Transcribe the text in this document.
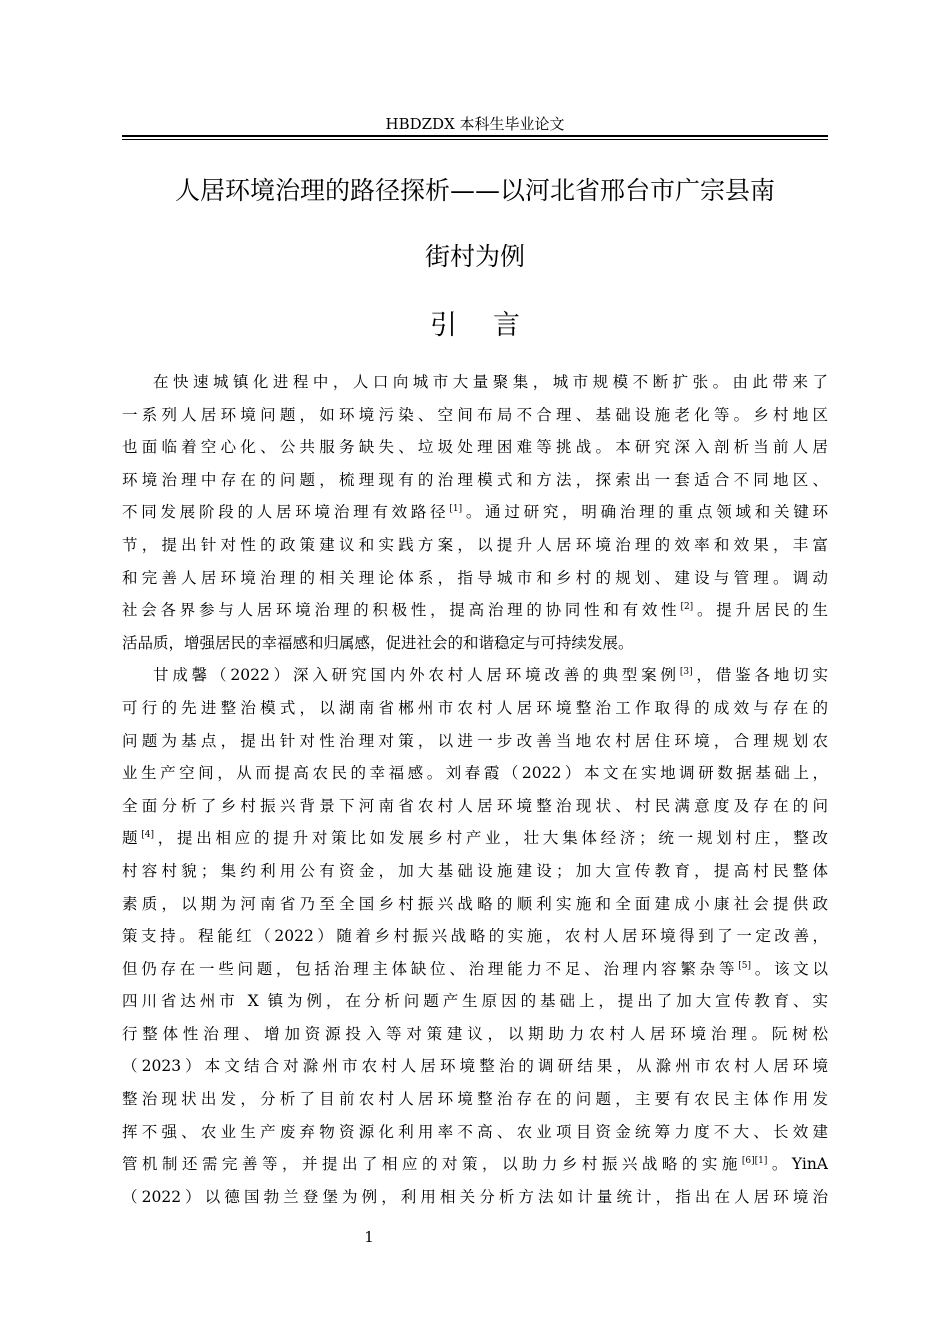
HBDZDX 本科生毕业论文
人居环境治理的路径探析——以河北省邢台市广宗县南
街村为例
引言
在快速城镇化进程中，人口向城市大量聚集，城市规模不断扩张。由此带来了
一系列人居环境问题，如环境污染、空间布局不合理、基础设施老化等。乡村地区
也面临着空心化、公共服务缺失、垃圾处理困难等挑战。本研究深入剖析当前人居
环境治理中存在的问题，梳理现有的治理模式和方法，探索出一套适合不同地区、
不同发展阶段的人居环境治理有效路径[1]。通过研究，明确治理的重点领域和关键环
节，提出针对性的政策建议和实践方案，以提升人居环境治理的效率和效果，丰富
和完善人居环境治理的相关理论体系，指导城市和乡村的规划、建设与管理。调动
社会各界参与人居环境治理的积极性，提高治理的协同性和有效性[2]。提升居民的生
活品质，增强居民的幸福感和归属感，促进社会的和谐稳定与可持续发展。
甘成馨（2022）深入研究国内外农村人居环境改善的典型案例[3]，借鉴各地切实
可行的先进整治模式，以湖南省郴州市农村人居环境整治工作取得的成效与存在的
问题为基点，提出针对性治理对策，以进一步改善当地农村居住环境，合理规划农
业生产空间，从而提高农民的幸福感。刘春霞（2022）本文在实地调研数据基础上，
全面分析了乡村振兴背景下河南省农村人居环境整治现状、村民满意度及存在的问
题[4]，提出相应的提升对策比如发展乡村产业，壮大集体经济；统一规划村庄，整改
村容村貌；集约利用公有资金，加大基础设施建设；加大宣传教育，提高村民整体
素质，以期为河南省乃至全国乡村振兴战略的顺利实施和全面建成小康社会提供政
策支持。程能红（2022）随着乡村振兴战略的实施，农村人居环境得到了一定改善，
但仍存在一些问题，包括治理主体缺位、治理能力不足、治理内容繁杂等[5]。该文以
四川省达州市 X 镇为例，在分析问题产生原因的基础上，提出了加大宣传教育、实
行整体性治理、增加资源投入等对策建议，以期助力农村人居环境治理。阮树松
（2023）本文结合对滁州市农村人居环境整治的调研结果，从滁州市农村人居环境
整治现状出发，分析了目前农村人居环境整治存在的问题，主要有农民主体作用发
挥不强、农业生产废弃物资源化利用率不高、农业项目资金统筹力度不大、长效建
管机制还需完善等，并提出了相应的对策，以助力乡村振兴战略的实施[6][1]。YinA
（2022）以德国勃兰登堡为例，利用相关分析方法如计量统计，指出在人居环境治
1
